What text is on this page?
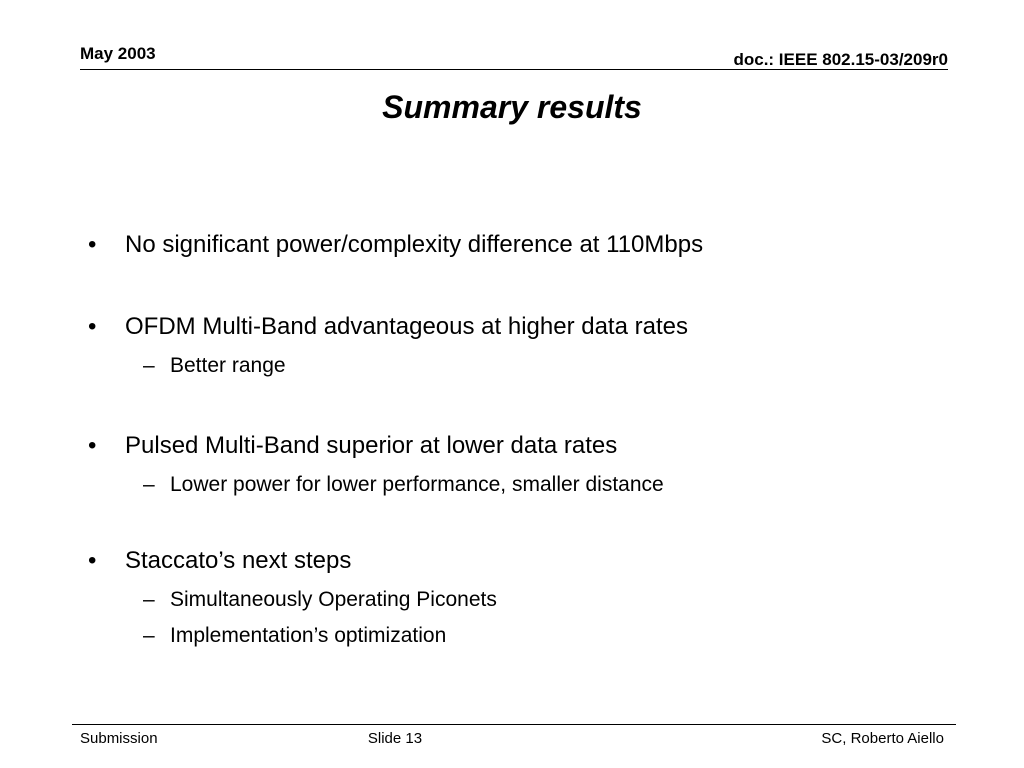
May 2003	doc.: IEEE 802.15-03/209r0
Summary results
• No significant power/complexity difference at 110Mbps
• OFDM Multi-Band advantageous at higher data rates
– Better range
• Pulsed Multi-Band superior at lower data rates
– Lower power for lower performance, smaller distance
• Staccato’s next steps
– Simultaneously Operating Piconets
– Implementation’s optimization
Submission	Slide 13	SC, Roberto Aiello
